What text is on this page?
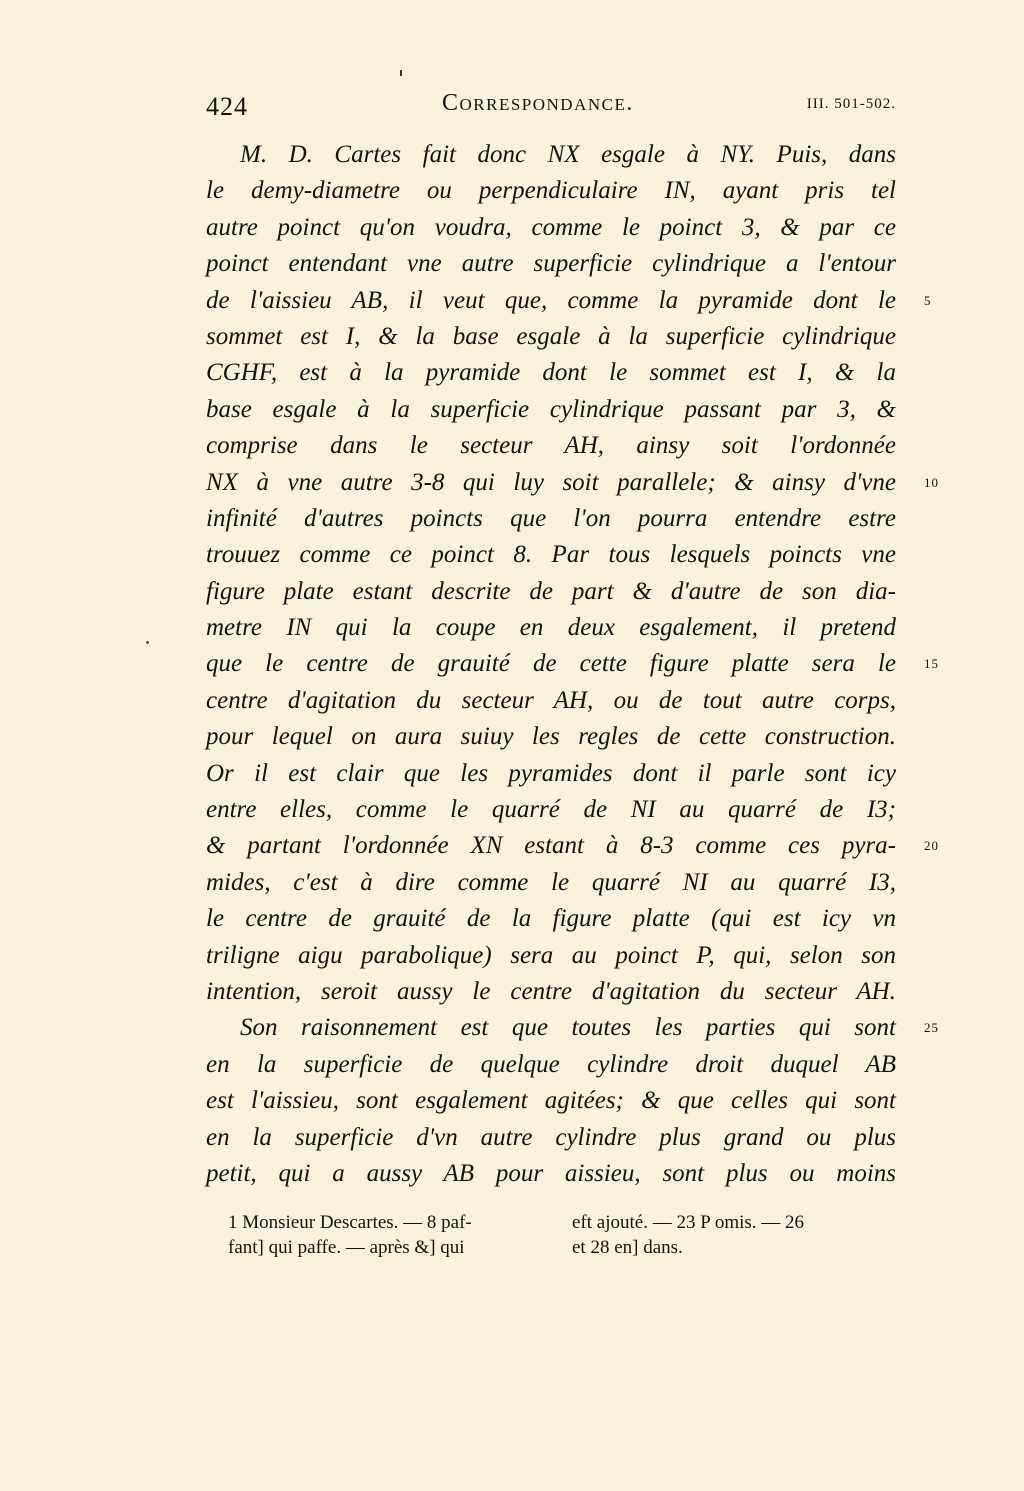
424	Correspondance.	III. 501-502.
M. D. Cartes fait donc NX esgale à NY. Puis, dans
le demy-diametre ou perpendiculaire IN, ayant pris tel
autre poinct qu'on voudra, comme le poinct 3, & par ce
poinct entendant vne autre superficie cylindrique a l'entour
de l'aissieu AB, il veut que, comme la pyramide dont le 5
sommet est I, & la base esgale à la superficie cylindrique
CGHF, est à la pyramide dont le sommet est I, & la
base esgale à la superficie cylindrique passant par 3, &
comprise dans le secteur AH, ainsy soit l'ordonnée
NX à vne autre 3-8 qui luy soit parallele; & ainsy d'vne 10
infinité d'autres poincts que l'on pourra entendre estre
trouuez comme ce poinct 8. Par tous lesquels poincts vne
figure plate estant descrite de part & d'autre de son dia-
metre IN qui la coupe en deux esgalement, il pretend
que le centre de grauité de cette figure platte sera le 15
centre d'agitation du secteur AH, ou de tout autre corps,
pour lequel on aura suiuy les regles de cette construction.
Or il est clair que les pyramides dont il parle sont icy
entre elles, comme le quarré de NI au quarré de I3;
& partant l'ordonnée XN estant à 8-3 comme ces pyra- 20
mides, c'est à dire comme le quarré NI au quarré I3,
le centre de grauité de la figure platte (qui est icy vn
triligne aigu parabolique) sera au poinct P, qui, selon son
intention, seroit aussy le centre d'agitation du secteur AH.
Son raisonnement est que toutes les parties qui sont 25
en la superficie de quelque cylindre droit duquel AB
est l'aissieu, sont esgalement agitées; & que celles qui sont
en la superficie d'vn autre cylindre plus grand ou plus
petit, qui a aussy AB pour aissieu, sont plus ou moins
1 Monsieur Descartes. — 8 paf-
fant] qui paffe. — après &] qui
eft ajouté. — 23 P omis. — 26
et 28 en] dans.
